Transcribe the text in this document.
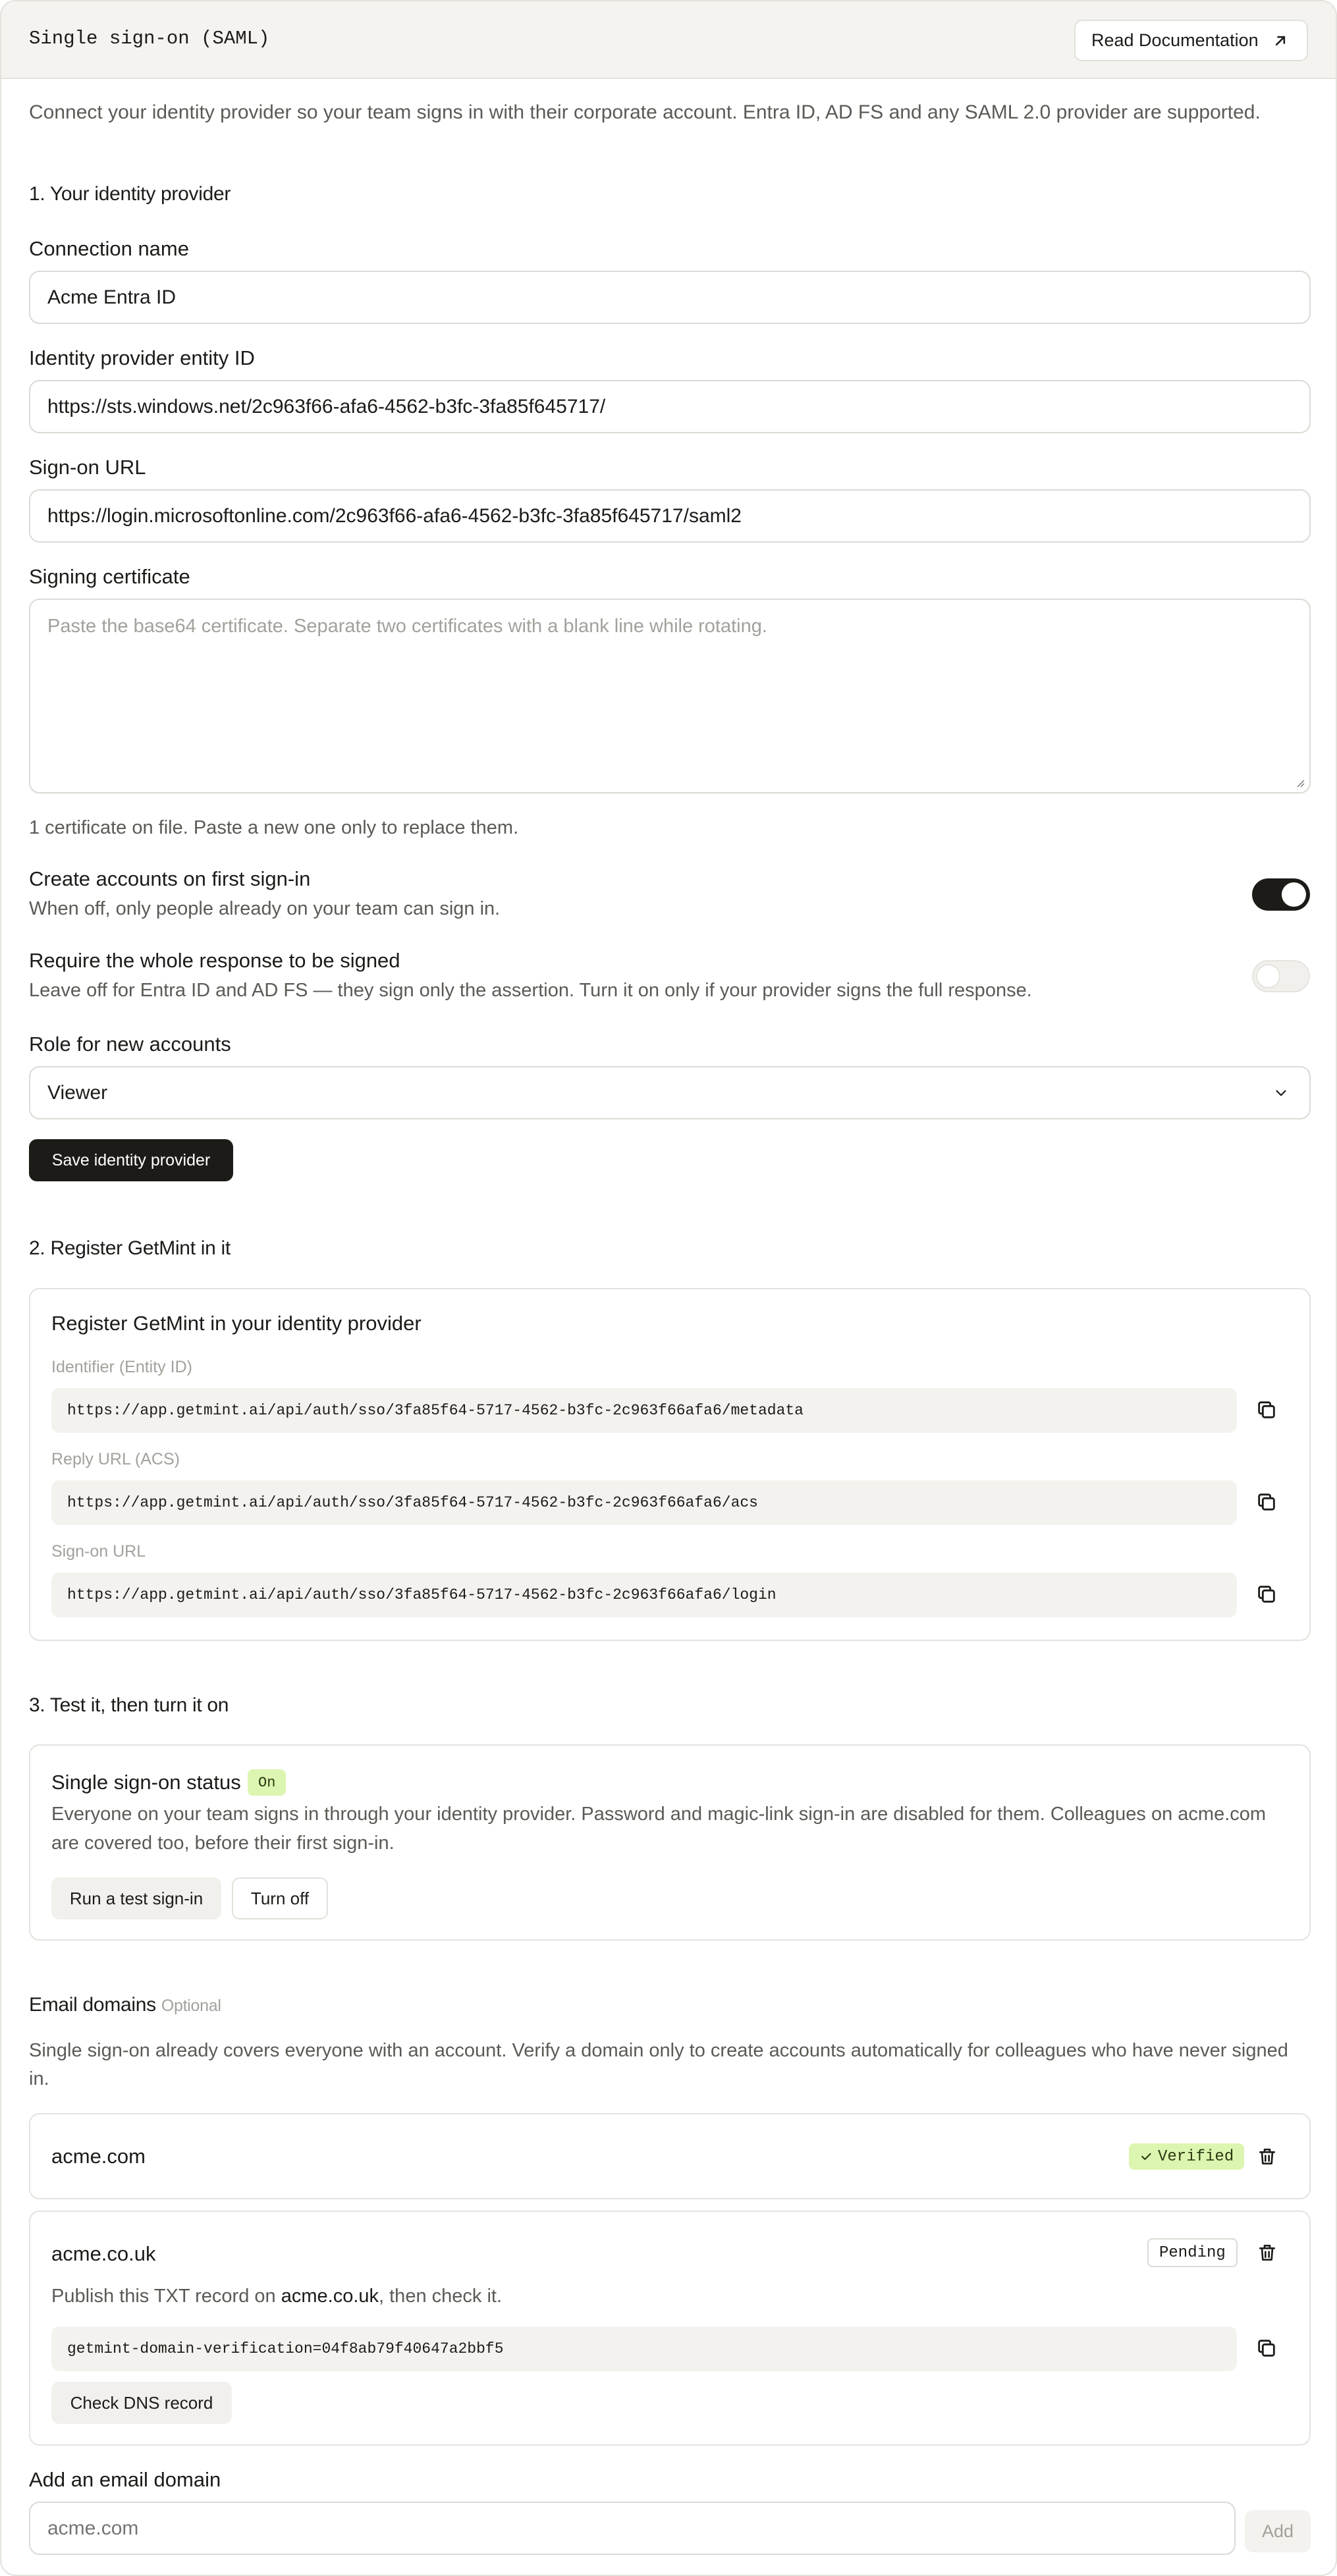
Single sign-on (SAML)	Read Documentation
Connect your identity provider so your team signs in with their corporate account. Entra ID, AD FS and any SAML 2.0 provider are supported.
1. Your identity provider
Connection name
Acme Entra ID
Identity provider entity ID
https://sts.windows.net/2c963f66-afa6-4562-b3fc-3fa85f645717/
Sign-on URL
https://login.microsoftonline.com/2c963f66-afa6-4562-b3fc-3fa85f645717/saml2
Signing certificate
Paste the base64 certificate. Separate two certificates with a blank line while rotating.
1 certificate on file. Paste a new one only to replace them.
Create accounts on first sign-in
When off, only people already on your team can sign in.
Require the whole response to be signed
Leave off for Entra ID and AD FS — they sign only the assertion. Turn it on only if your provider signs the full response.
Role for new accounts
Viewer
Save identity provider
2. Register GetMint in it
Register GetMint in your identity provider
Identifier (Entity ID)
https://app.getmint.ai/api/auth/sso/3fa85f64-5717-4562-b3fc-2c963f66afa6/metadata
Reply URL (ACS)
https://app.getmint.ai/api/auth/sso/3fa85f64-5717-4562-b3fc-2c963f66afa6/acs
Sign-on URL
https://app.getmint.ai/api/auth/sso/3fa85f64-5717-4562-b3fc-2c963f66afa6/login
3. Test it, then turn it on
Single sign-on status	On
Everyone on your team signs in through your identity provider. Password and magic-link sign-in are disabled for them. Colleagues on acme.com
are covered too, before their first sign-in.
Run a test sign-in	Turn off
Email domains Optional
Single sign-on already covers everyone with an account. Verify a domain only to create accounts automatically for colleagues who have never signed
in.
acme.com	Verified
acme.co.uk	Pending
Publish this TXT record on acme.co.uk, then check it.
getmint-domain-verification=04f8ab79f40647a2bbf5
Check DNS record
Add an email domain
acme.com
Add
